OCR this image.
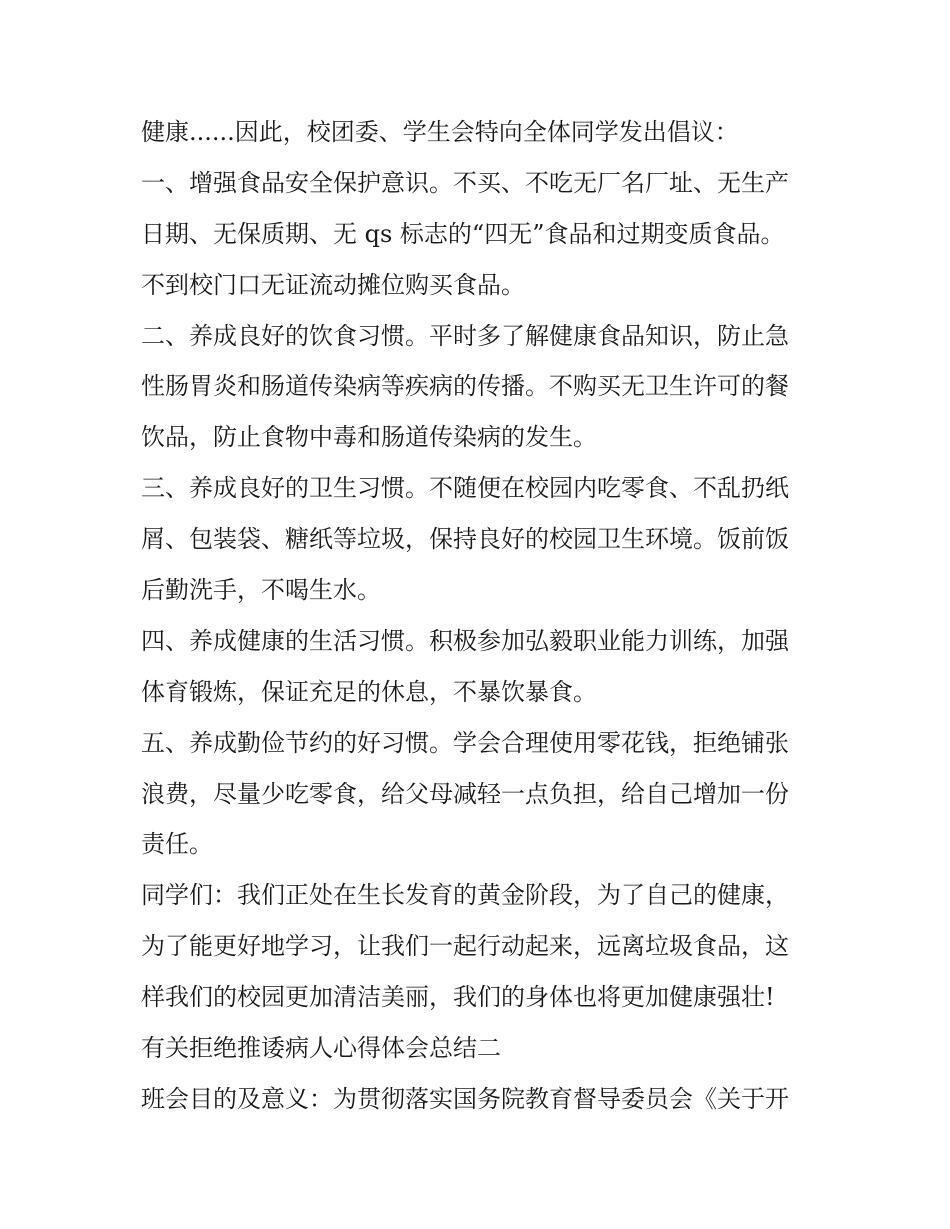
健康......因此，校团委、学生会特向全体同学发出倡议：
一、增强食品安全保护意识。不买、不吃无厂名厂址、无生产
日期、无保质期、无 qs 标志的“四无”食品和过期变质食品。
不到校门口无证流动摊位购买食品。
二、养成良好的饮食习惯。平时多了解健康食品知识，防止急
性肠胃炎和肠道传染病等疾病的传播。不购买无卫生许可的餐
饮品，防止食物中毒和肠道传染病的发生。
三、养成良好的卫生习惯。不随便在校园内吃零食、不乱扔纸
屑、包装袋、糖纸等垃圾，保持良好的校园卫生环境。饭前饭
后勤洗手，不喝生水。
四、养成健康的生活习惯。积极参加弘毅职业能力训练，加强
体育锻炼，保证充足的休息，不暴饮暴食。
五、养成勤俭节约的好习惯。学会合理使用零花钱，拒绝铺张
浪费，尽量少吃零食，给父母减轻一点负担，给自己增加一份
责任。
同学们：我们正处在生长发育的黄金阶段，为了自己的健康，
为了能更好地学习，让我们一起行动起来，远离垃圾食品，这
样我们的校园更加清洁美丽，我们的身体也将更加健康强壮!
有关拒绝推诿病人心得体会总结二
班会目的及意义：为贯彻落实国务院教育督导委员会《关于开
